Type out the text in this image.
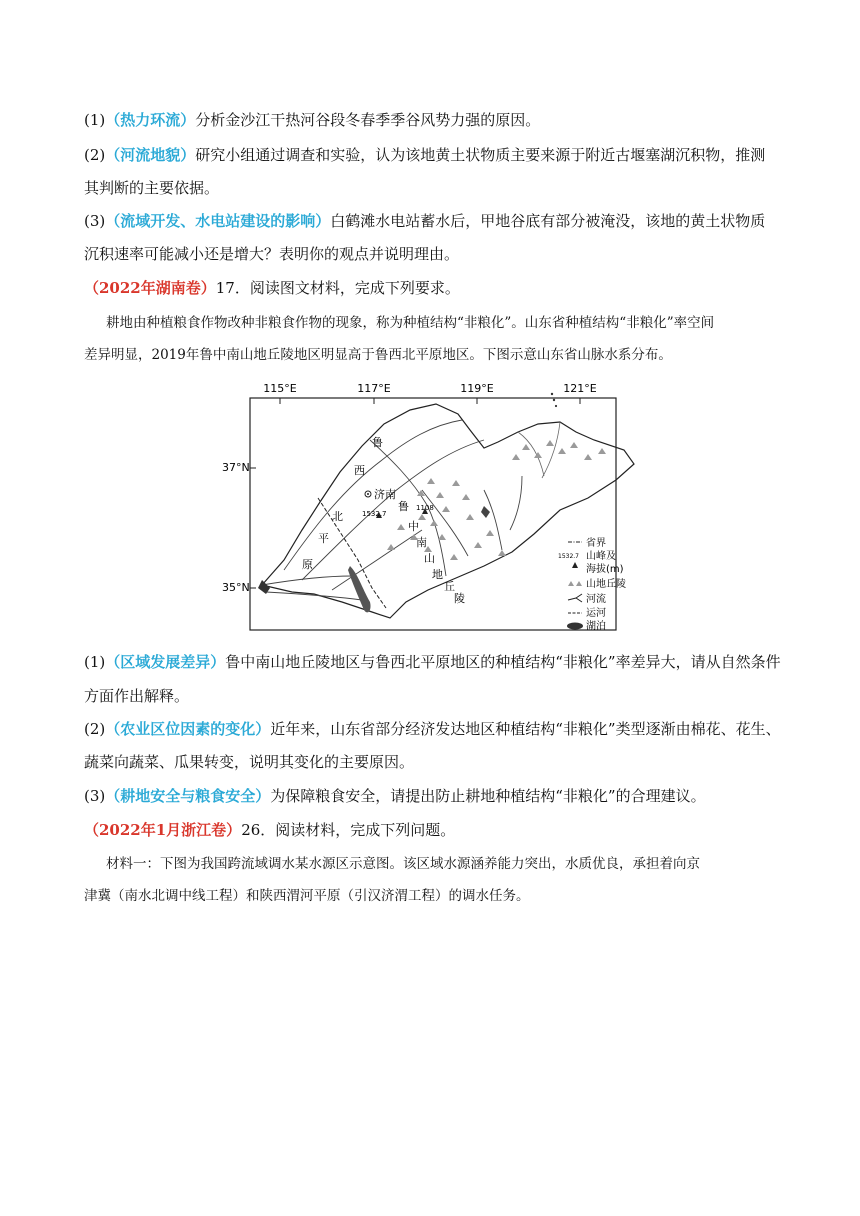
(1)（热力环流）分析金沙江干热河谷段冬春季季谷风势力强的原因。
(2)（河流地貌）研究小组通过调查和实验，认为该地黄土状物质主要来源于附近古堰塞湖沉积物，推测
其判断的主要依据。
(3)（流域开发、水电站建设的影响）白鹤滩水电站蓄水后，甲地谷底有部分被淹没，该地的黄土状物质
沉积速率可能减小还是增大？表明你的观点并说明理由。
（2022年湖南卷）17．阅读图文材料，完成下列要求。
耕地由种植粮食作物改种非粮食作物的现象，称为种植结构“非粮化”。山东省种植结构“非粮化”率空间
差异明显，2019年鲁中南山地丘陵地区明显高于鲁西北平原地区。下图示意山东省山脉水系分布。
115°E	117°E	119°E	121°E
37°N
35°N
济南
1532.7
1108
鲁
西
北
平
原
鲁
中
南
山
地
丘
陵
省界
1532.7 山峰及
海拔(m)
山地丘陵
河流
运河
湖泊
(1)（区域发展差异）鲁中南山地丘陵地区与鲁西北平原地区的种植结构“非粮化”率差异大，请从自然条件
方面作出解释。
(2)（农业区位因素的变化）近年来，山东省部分经济发达地区种植结构“非粮化”类型逐渐由棉花、花生、
蔬菜向蔬菜、瓜果转变，说明其变化的主要原因。
(3)（耕地安全与粮食安全）为保障粮食安全，请提出防止耕地种植结构“非粮化”的合理建议。
（2022年1月浙江卷）26．阅读材料，完成下列问题。
材料一：下图为我国跨流域调水某水源区示意图。该区域水源涵养能力突出，水质优良，承担着向京
津冀（南水北调中线工程）和陕西渭河平原（引汉济渭工程）的调水任务。
